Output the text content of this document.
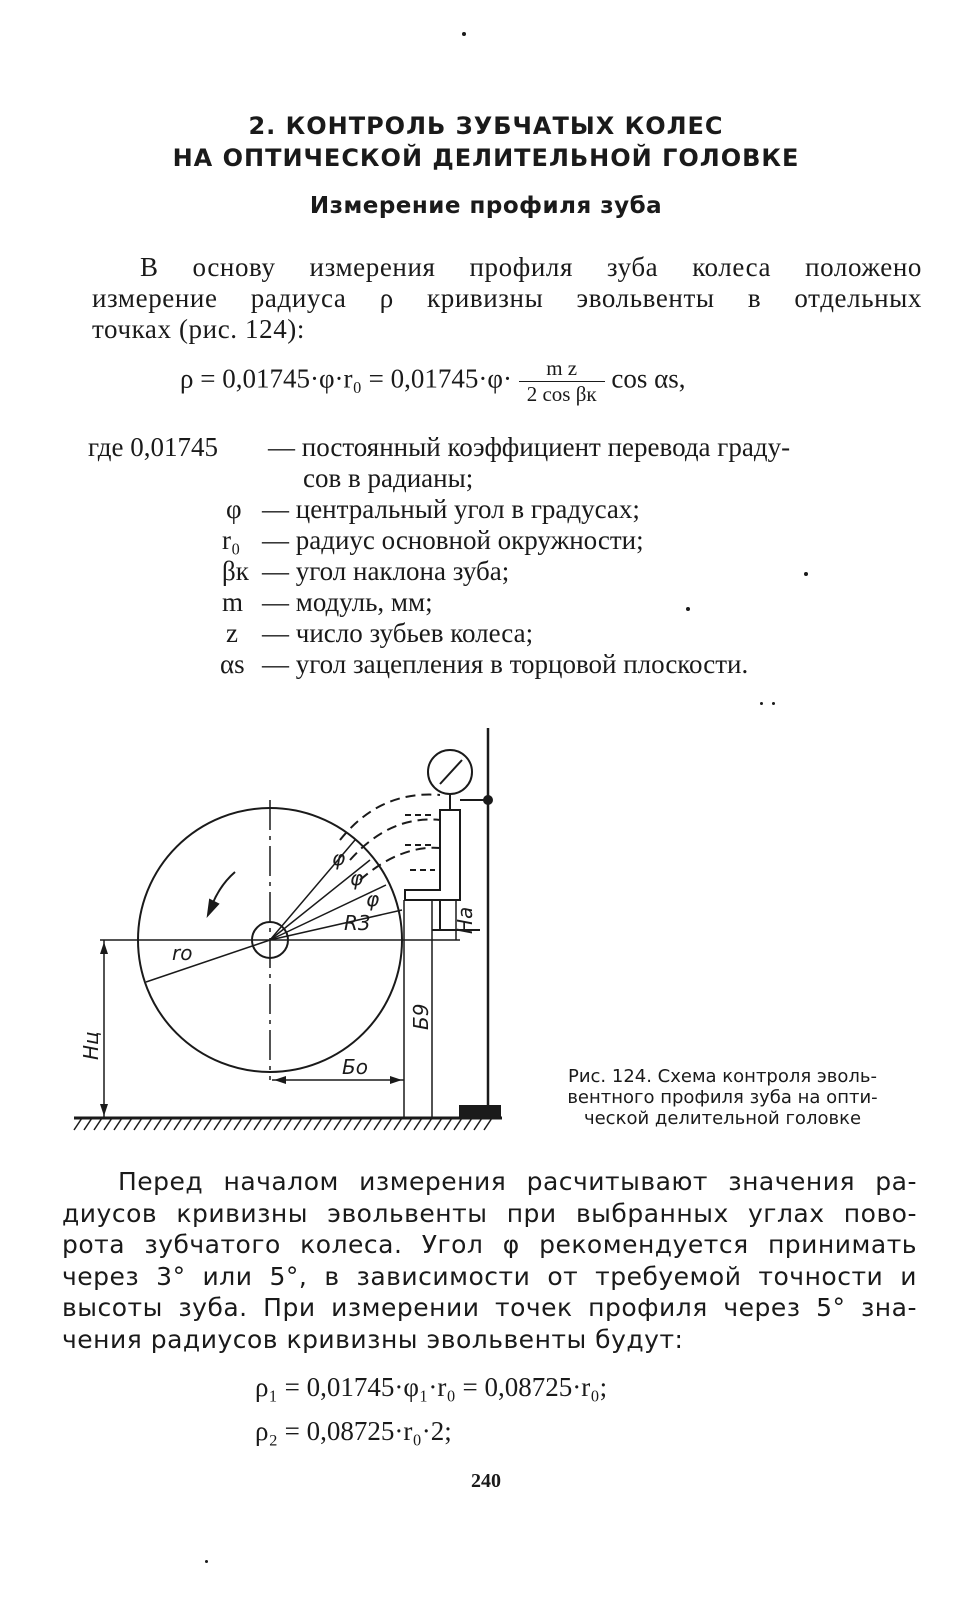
2. КОНТРОЛЬ ЗУБЧАТЫХ КОЛЕС
НА ОПТИЧЕСКОЙ ДЕЛИТЕЛЬНОЙ ГОЛОВКЕ
Измерение профиля зуба
В основу измерения профиля зуба колеса положено
измерение радиуса ρ кривизны эвольвенты в отдельных
точках (рис. 124):
$\rho = 0,01745\cdot\varphi\cdot r_0 = 0,01745\cdot\varphi\cdot \frac{\text{m z}}{\text{2 cos βк}}$ cos αs,
где 0,01745	— постоянный коэффициент перевода граду-
сов в радианы;
φ — центральный угол в градусах;
r₀ — радиус основной окружности;
βк — угол наклона зуба;
m — модуль, мм;
z — число зубьев колеса;
αs — угол зацепления в торцовой плоскости.
ro
R3
φ
φ
φ
Бо
Б9
Нц
На
Рис. 124. Схема контроля эволь-
вентного профиля зуба на опти-
ческой делительной головке
Перед началом измерения расчитывают значения ра-
диусов кривизны эвольвенты при выбранных углах пово-
рота зубчатого колеса. Угол φ рекомендуется принимать
через 3° или 5°, в зависимости от требуемой точности и
высоты зуба. При измерении точек профиля через 5° зна-
чения радиусов кривизны эвольвенты будут:
ρ₁ = 0,01745·φ₁·r₀ = 0,08725·r₀;
ρ₂ = 0,08725·r₀·2;
240
